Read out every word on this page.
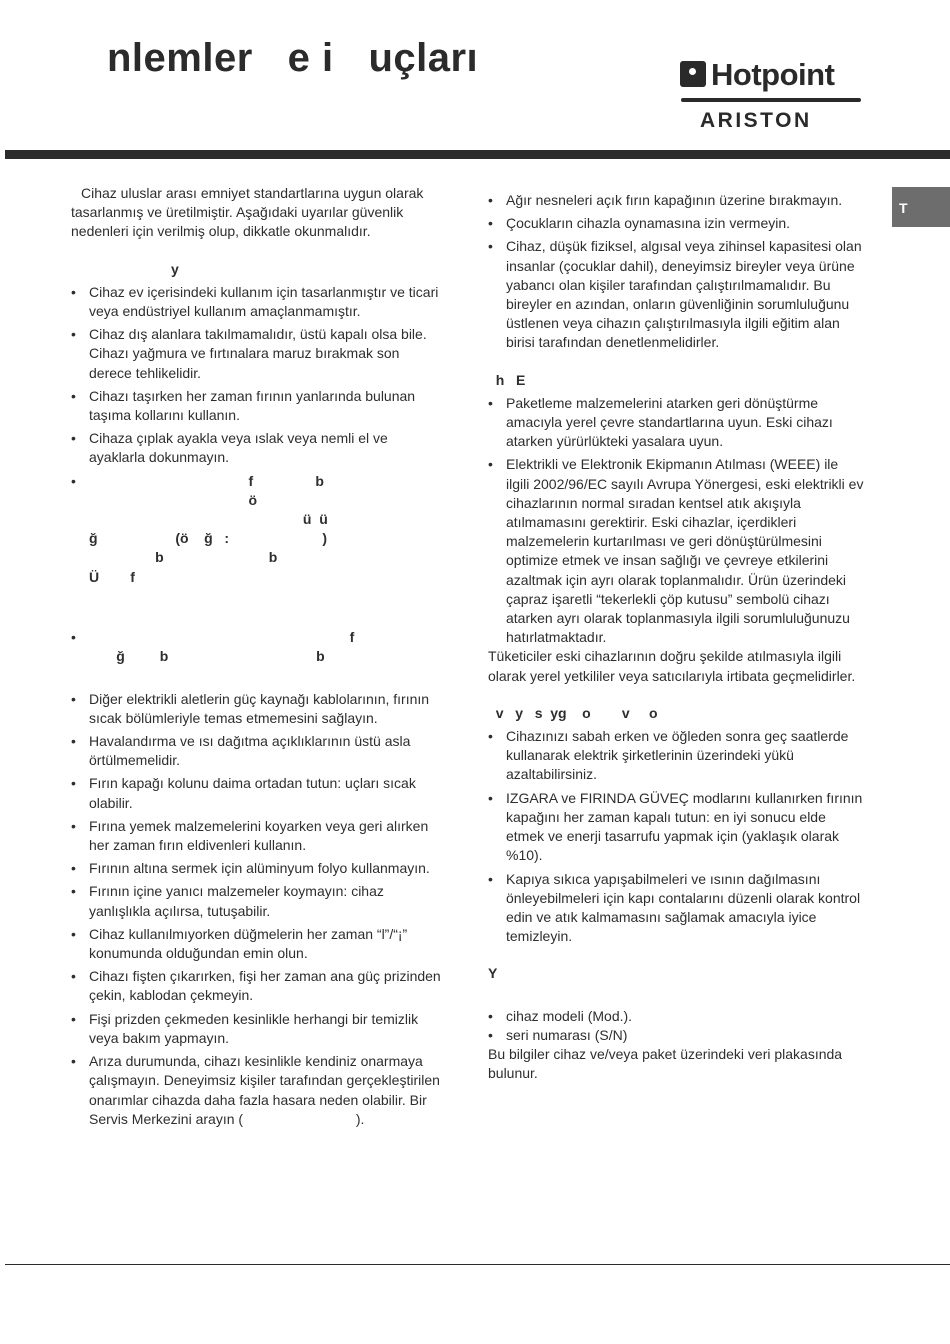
nlemler   e i   uçları	Hotpoint
ARISTON
T

Cihaz uluslar arası emniyet standartlarına uygun olarak tasarlanmış ve üretilmiştir. Aşağıdaki uyarılar güvenlik nedenleri için verilmiş olup, dikkatle okunmalıdır.

y

• Cihaz ev içerisindeki kullanım için tasarlanmıştır ve ticari veya endüstriyel kullanım amaçlanmamıştır.
• Cihaz dış alanlara takılmamalıdır, üstü kapalı olsa bile. Cihazı yağmura ve fırtınalara maruz bırakmak son derece tehlikelidir.
• Cihazı taşırken her zaman fırının yanlarında bulunan taşıma kollarını kullanın.
• Cihaza çıplak ayakla veya ıslak veya nemli el ve ayaklarla dokunmayın.
•                                          f                b
ö
ü  ü
ğ                    (ö    ğ   :                        )
b                           b
Ü        f
•                                                                    f
ğ         b                                      b
• Diğer elektrikli aletlerin güç kaynağı kablolarının, fırının sıcak bölümleriyle temas etmemesini sağlayın.
• Havalandırma ve ısı dağıtma açıklıklarının üstü asla örtülmemelidir.
• Fırın kapağı kolunu daima ortadan tutun: uçları sıcak olabilir.
• Fırına yemek malzemelerini koyarken veya geri alırken her zaman fırın eldivenleri kullanın.
• Fırının altına sermek için alüminyum folyo kullanmayın.
• Fırının içine yanıcı malzemeler koymayın: cihaz yanlışlıkla açılırsa, tutuşabilir.
• Cihaz kullanılmıyorken düğmelerin her zaman “l”/“¡” konumunda olduğundan emin olun.
• Cihazı fişten çıkarırken, fişi her zaman ana güç prizinden çekin, kablodan çekmeyin.
• Fişi prizden çekmeden kesinlikle herhangi bir temizlik veya bakım yapmayın.
• Arıza durumunda, cihazı kesinlikle kendiniz onarmaya çalışmayın. Deneyimsiz kişiler tarafından gerçekleştirilen onarımlar cihazda daha fazla hasara neden olabilir. Bir Servis Merkezini arayın (                             ).
• Ağır nesneleri açık fırın kapağının üzerine bırakmayın.
• Çocukların cihazla oynamasına izin vermeyin.
• Cihaz, düşük fiziksel, algısal veya zihinsel kapasitesi olan insanlar (çocuklar dahil), deneyimsiz bireyler veya ürüne yabancı olan kişiler tarafından çalıştırılmamalıdır. Bu bireyler en azından, onların güvenliğinin sorumluluğunu üstlenen veya cihazın çalıştırılmasıyla ilgili eğitim alan birisi tarafından denetlenmelidirler.

h   E

• Paketleme malzemelerini atarken geri dönüştürme amacıyla yerel çevre standartlarına uyun. Eski cihazı atarken yürürlükteki yasalara uyun.
• Elektrikli ve Elektronik Ekipmanın Atılması (WEEE) ile ilgili 2002/96/EC sayılı Avrupa Yönergesi, eski elektrikli ev cihazlarının normal sıradan kentsel atık akışıyla atılmamasını gerektirir. Eski cihazlar, içerdikleri malzemelerin kurtarılması ve geri dönüştürülmesini optimize etmek ve insan sağlığı ve çevreye etkilerini azaltmak için ayrı olarak toplanmalıdır. Ürün üzerindeki çapraz işaretli “tekerlekli çöp kutusu” sembolü cihazı atarken ayrı olarak toplanmasıyla ilgili sorumluluğunuzu hatırlatmaktadır.

Tüketiciler eski cihazlarının doğru şekilde atılmasıyla ilgili olarak yerel yetkililer veya satıcılarıyla irtibata geçmelidirler.

v   y   s  yg    o        v     o

• Cihazınızı sabah erken ve öğleden sonra geç saatlerde kullanarak elektrik şirketlerinin üzerindeki yükü azaltabilirsiniz.
• IZGARA ve FIRINDA GÜVEÇ modlarını kullanırken fırının kapağını her zaman kapalı tutun: en iyi sonucu elde etmek ve enerji tasarrufu yapmak için (yaklaşık olarak %10).
• Kapıya sıkıca yapışabilmeleri ve ısının dağılmasını önleyebilmeleri için kapı contalarını düzenli olarak kontrol edin ve atık kalmamasını sağlamak amacıyla iyice temizleyin.

Y

• cihaz modeli (Mod.).
• seri numarası (S/N)

Bu bilgiler cihaz ve/veya paket üzerindeki veri plakasında bulunur.
